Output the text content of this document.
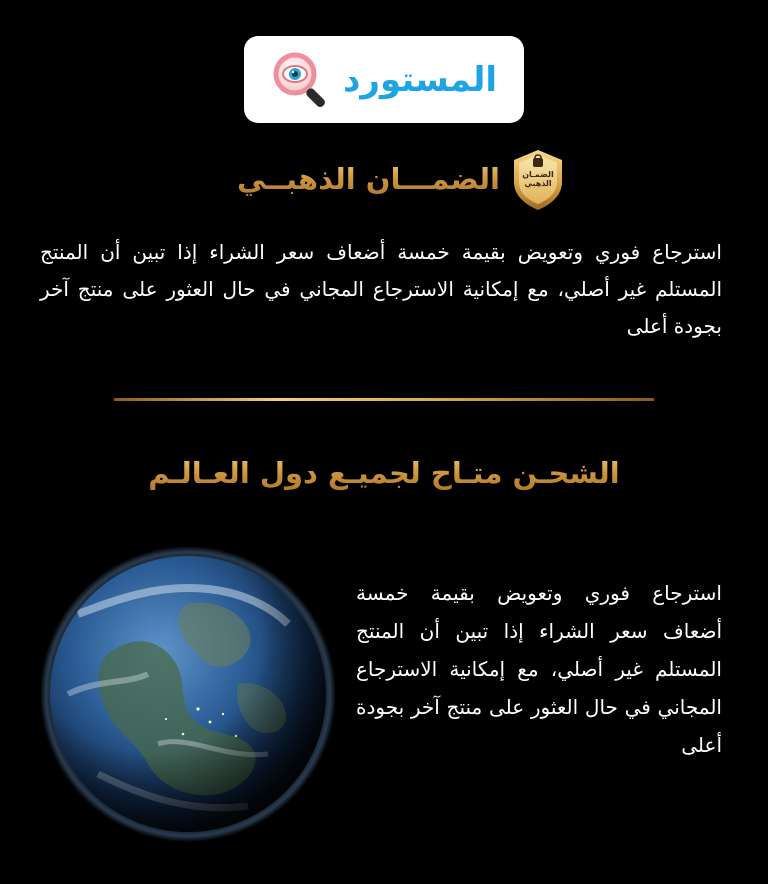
المستورد
الضمـــان الذهبــي	الضمـان
الذهبي

استرجاع فوري وتعويض بقيمة خمسة أضعاف سعر الشراء إذا تبين أن المنتج المستلم غير أصلي، مع إمكانية الاسترجاع المجاني في حال العثور على منتج آخر بجودة أعلى

الشحـن متـاح لجميـع دول العـالـم

استرجاع فوري وتعويض بقيمة خمسة أضعاف سعر الشراء إذا تبين أن المنتج المستلم غير أصلي، مع إمكانية الاسترجاع المجاني في حال العثور على منتج آخر بجودة أعلى
